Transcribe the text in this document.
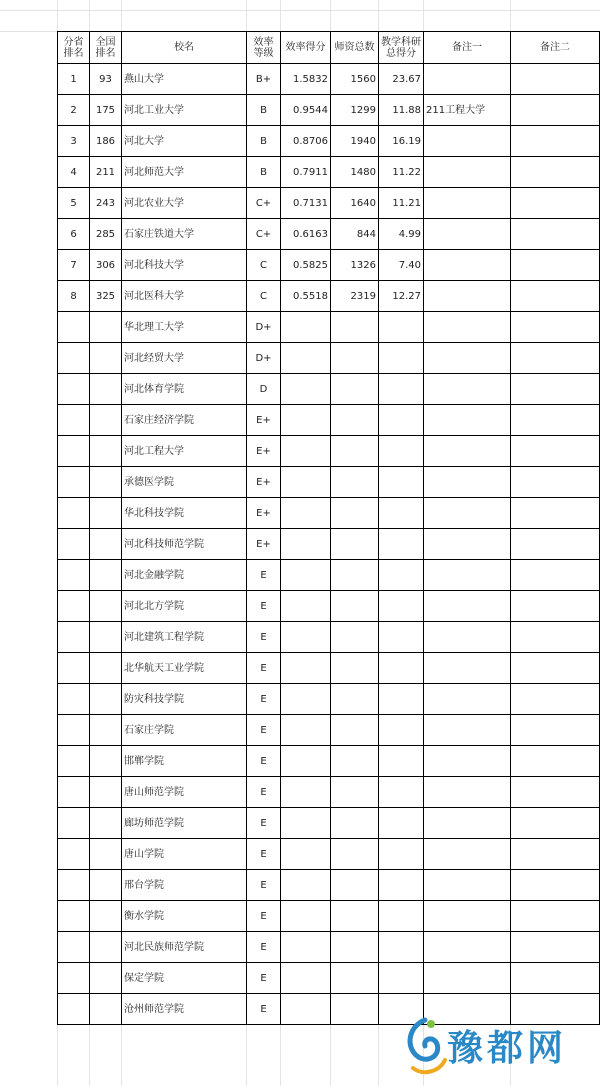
分省排名	全国排名	校名	效率等级	效率得分	师资总数	教学科研总得分	备注一	备注二
1	93	燕山大学	B+	1.5832	1560	23.67		
2	175	河北工业大学	B	0.9544	1299	11.88	211工程大学	
3	186	河北大学	B	0.8706	1940	16.19		
4	211	河北师范大学	B	0.7911	1480	11.22		
5	243	河北农业大学	C+	0.7131	1640	11.21		
6	285	石家庄铁道大学	C+	0.6163	844	4.99		
7	306	河北科技大学	C	0.5825	1326	7.40		
8	325	河北医科大学	C	0.5518	2319	12.27		
		华北理工大学	D+					
		河北经贸大学	D+					
		河北体育学院	D					
		石家庄经济学院	E+					
		河北工程大学	E+					
		承德医学院	E+					
		华北科技学院	E+					
		河北科技师范学院	E+					
		河北金融学院	E					
		河北北方学院	E					
		河北建筑工程学院	E					
		北华航天工业学院	E					
		防灾科技学院	E					
		石家庄学院	E					
		邯郸学院	E					
		唐山师范学院	E					
		廊坊师范学院	E					
		唐山学院	E					
		邢台学院	E					
		衡水学院	E					
		河北民族师范学院	E					
		保定学院	E					
		沧州师范学院	E					
豫都网
